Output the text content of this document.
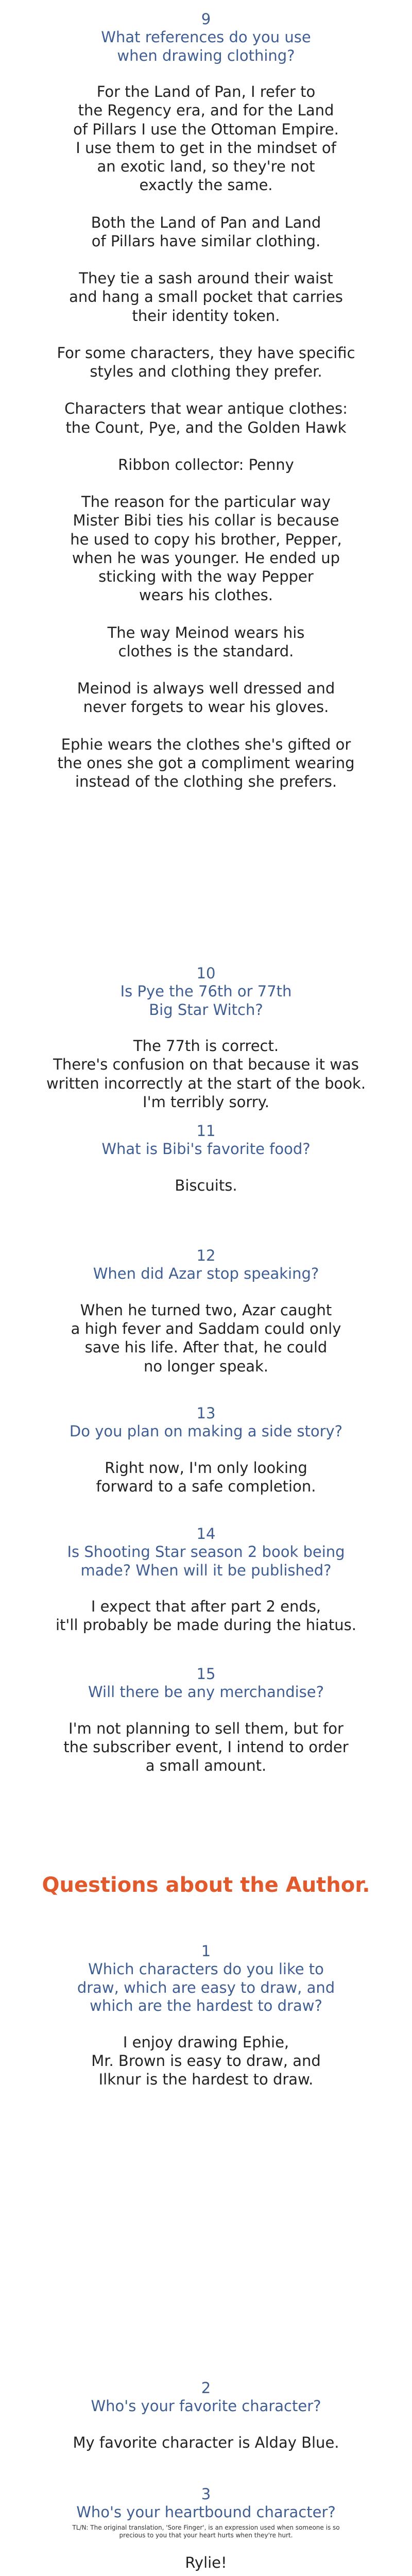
9

What references do you use
when drawing clothing?

For the Land of Pan, I refer to
the Regency era, and for the Land
of Pillars I use the Ottoman Empire.
I use them to get in the mindset of
an exotic land, so they're not
exactly the same.

Both the Land of Pan and Land
of Pillars have similar clothing.

They tie a sash around their waist
and hang a small pocket that carries
their identity token.

For some characters, they have specific
styles and clothing they prefer.

Characters that wear antique clothes:
the Count, Pye, and the Golden Hawk

Ribbon collector: Penny

The reason for the particular way
Mister Bibi ties his collar is because
he used to copy his brother, Pepper,
when he was younger. He ended up
sticking with the way Pepper
wears his clothes.

The way Meinod wears his
clothes is the standard.

Meinod is always well dressed and
never forgets to wear his gloves.

Ephie wears the clothes she's gifted or
the ones she got a compliment wearing
instead of the clothing she prefers.

10

Is Pye the 76th or 77th
Big Star Witch?

The 77th is correct.
There's confusion on that because it was
written incorrectly at the start of the book.
I'm terribly sorry.

11

What is Bibi's favorite food?

Biscuits.

12

When did Azar stop speaking?

When he turned two, Azar caught
a high fever and Saddam could only
save his life. After that, he could
no longer speak.

13

Do you plan on making a side story?

Right now, I'm only looking
forward to a safe completion.

14

Is Shooting Star season 2 book being
made? When will it be published?

I expect that after part 2 ends,
it'll probably be made during the hiatus.

15

Will there be any merchandise?

I'm not planning to sell them, but for
the subscriber event, I intend to order
a small amount.

Questions about the Author.

1

Which characters do you like to
draw, which are easy to draw, and
which are the hardest to draw?

I enjoy drawing Ephie,
Mr. Brown is easy to draw, and
Ilknur is the hardest to draw.

2

Who's your favorite character?

My favorite character is Alday Blue.

3

Who's your heartbound character?

TL/N: The original translation, 'Sore Finger', is an expression used when someone is so
precious to you that your heart hurts when they're hurt.

Rylie!
